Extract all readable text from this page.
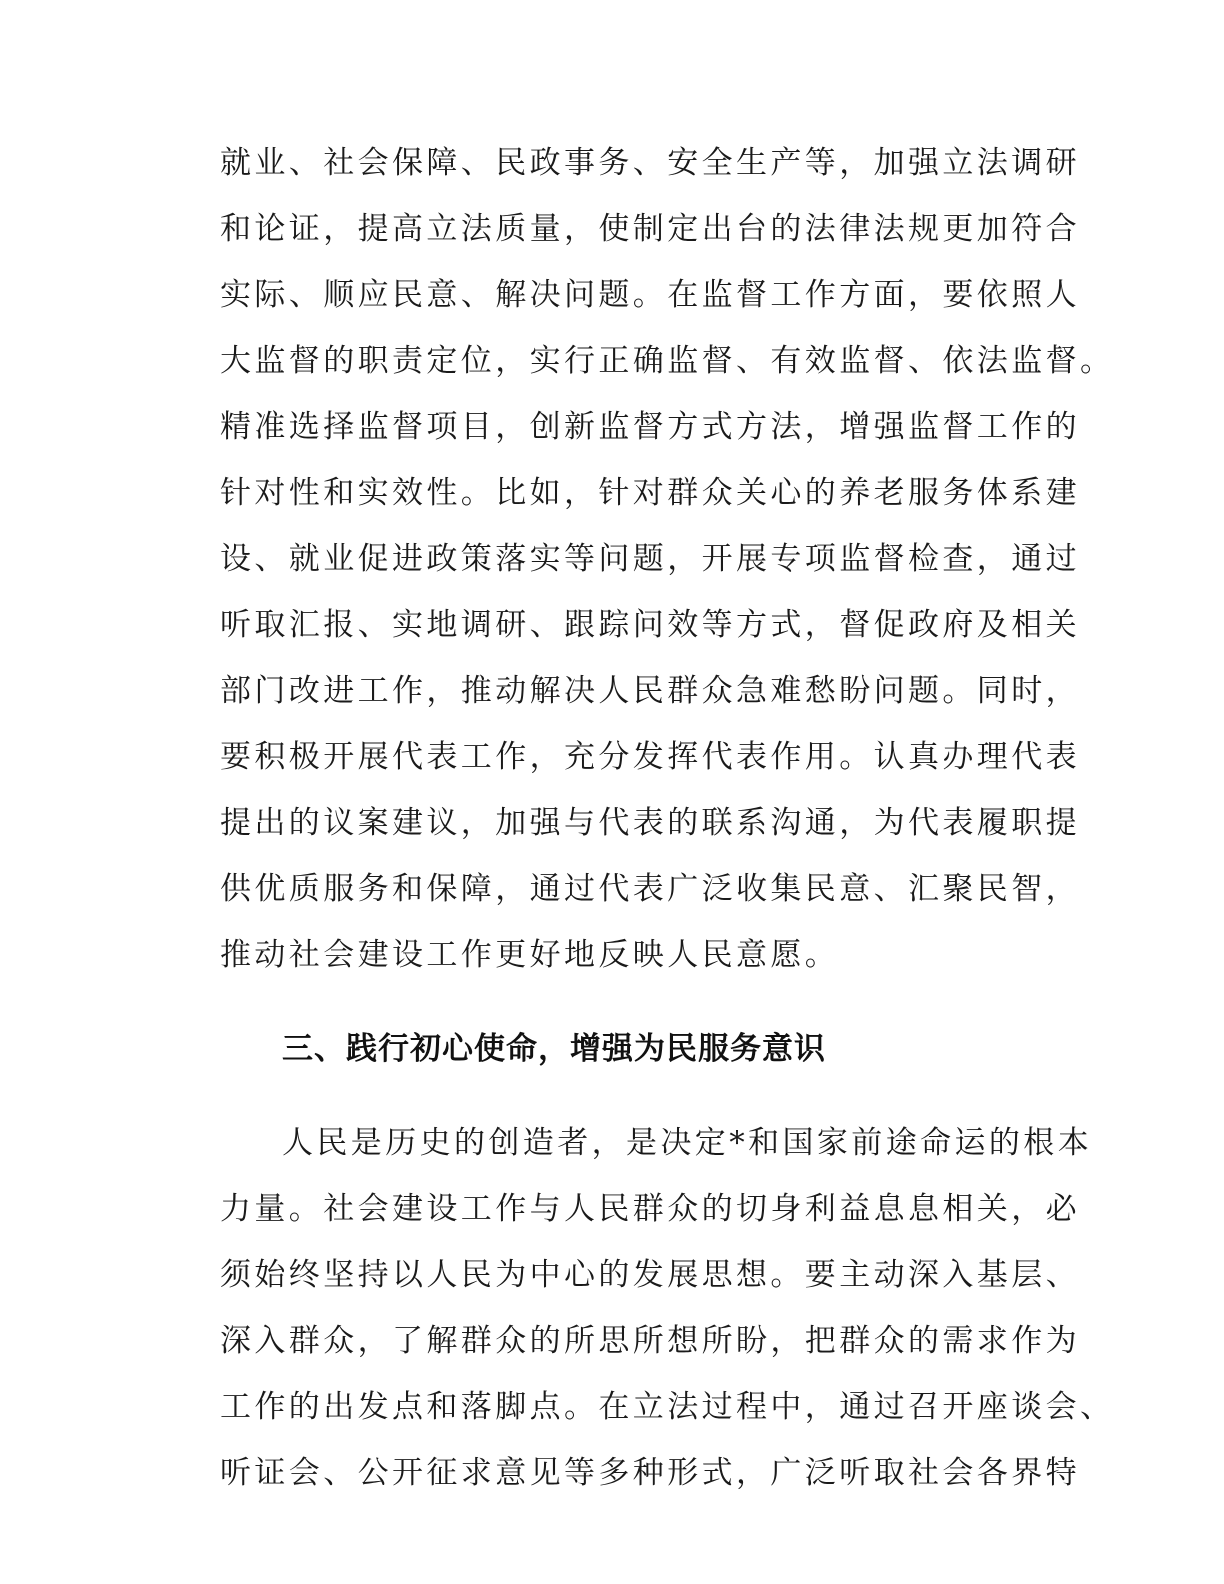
就业、社会保障、民政事务、安全生产等，加强立法调研
和论证，提高立法质量，使制定出台的法律法规更加符合
实际、顺应民意、解决问题。在监督工作方面，要依照人
大监督的职责定位，实行正确监督、有效监督、依法监督。
精准选择监督项目，创新监督方式方法，增强监督工作的
针对性和实效性。比如，针对群众关心的养老服务体系建
设、就业促进政策落实等问题，开展专项监督检查，通过
听取汇报、实地调研、跟踪问效等方式，督促政府及相关
部门改进工作，推动解决人民群众急难愁盼问题。同时，
要积极开展代表工作，充分发挥代表作用。认真办理代表
提出的议案建议，加强与代表的联系沟通，为代表履职提
供优质服务和保障，通过代表广泛收集民意、汇聚民智，
推动社会建设工作更好地反映人民意愿。
三、践行初心使命，增强为民服务意识
人民是历史的创造者，是决定*和国家前途命运的根本
力量。社会建设工作与人民群众的切身利益息息相关，必
须始终坚持以人民为中心的发展思想。要主动深入基层、
深入群众，了解群众的所思所想所盼，把群众的需求作为
工作的出发点和落脚点。在立法过程中，通过召开座谈会、
听证会、公开征求意见等多种形式，广泛听取社会各界特
